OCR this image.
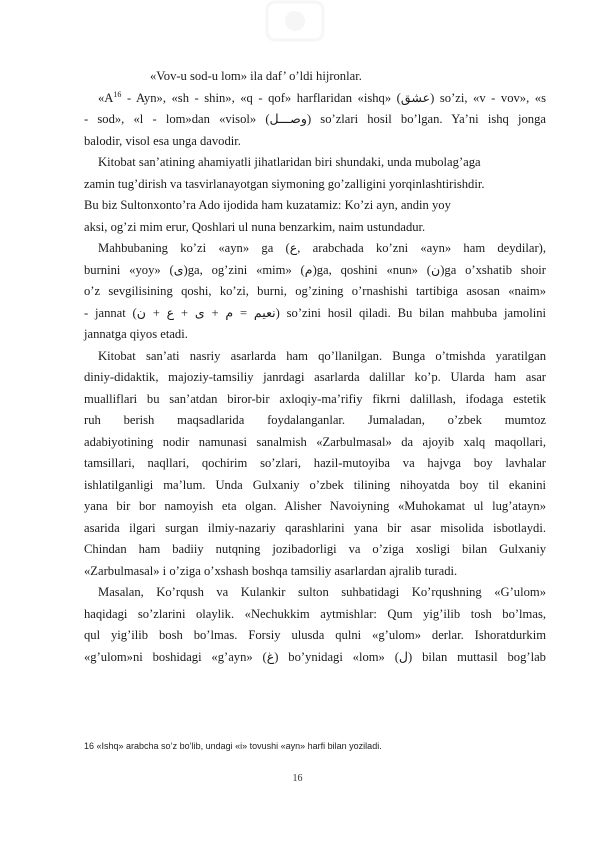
«Vov-u sod-u lom» ila daf’ o’ldi hijronlar.
«$A^{16}$ - Ayn», «sh - shin», «q - qof» harflaridan «ishq» (عشق) so’zi, «v - vov», «s
- sod», «l - lom»dan «visol» (وصـــل) so’zlari hosil bo’lgan. Ya’ni ishq jonga
balodir, visol esa unga davodir.
Kitobat san’atining ahamiyatli jihatlaridan biri shundaki, unda mubolag’aga
zamin tug’dirish va tasvirlanayotgan siymoning go’zalligini yorqinlashtirishdir.
Bu biz Sultonxonto’ra Ado ijodida ham kuzatamiz: Ko’zi ayn, andin yoy
aksi, og’zi mim erur, Qoshlari ul nuna benzarkim, naim ustundadur.
Mahbubaning ko’zi «ayn» ga (ع, arabchada ko’zni «ayn» ham deydilar),
burnini «yoy» (ى)ga, og’zini «mim» (م)ga, qoshini «nun» (ن)ga o’xshatib shoir
o’z sevgilisining qoshi, ko’zi, burni, og’zining o’rnashishi tartibiga asosan «naim»
- jannat (نعيم = م + ى + ع + ن) so’zini hosil qiladi. Bu bilan mahbuba jamolini
jannatga qiyos etadi.
Kitobat san’ati nasriy asarlarda ham qo’llanilgan. Bunga o’tmishda yaratilgan
diniy-didaktik, majoziy-tamsiliy janrdagi asarlarda dalillar ko’p. Ularda ham asar
mualliflari bu san’atdan biror-bir axloqiy-ma’rifiy fikrni dalillash, ifodaga estetik
ruh berish maqsadlarida foydalanganlar. Jumaladan, o’zbek mumtoz
adabiyotining nodir namunasi sanalmish «Zarbulmasal» da ajoyib xalq maqollari,
tamsillari, naqllari, qochirim so’zlari, hazil-mutoyiba va hajvga boy lavhalar
ishlatilganligi ma’lum. Unda Gulxaniy o’zbek tilining nihoyatda boy til ekanini
yana bir bor namoyish eta olgan. Alisher Navoiyning «Muhokamat ul lug’atayn»
asarida ilgari surgan ilmiy-nazariy qarashlarini yana bir asar misolida isbotlaydi.
Chindan ham badiiy nutqning jozibadorligi va o’ziga xosligi bilan Gulxaniy
«Zarbulmasal» i o’ziga o’xshash boshqa tamsiliy asarlardan ajralib turadi.
Masalan, Ko’rqush va Kulankir sulton suhbatidagi Ko’rqushning «G’ulom»
haqidagi so’zlarini olaylik. «Nechukkim aytmishlar: Qum yig’ilib tosh bo’lmas,
qul yig’ilib bosh bo’lmas. Forsiy ulusda qulni «g’ulom» derlar. Ishoratdurkim
«g’ulom»ni boshidagi «g’ayn» (غ) bo’ynidagi «lom» (ل) bilan muttasil bog’lab
16 «Ishq» arabcha so’z bo’lib, undagi «i» tovushi «ayn» harfi bilan yoziladi.
16
